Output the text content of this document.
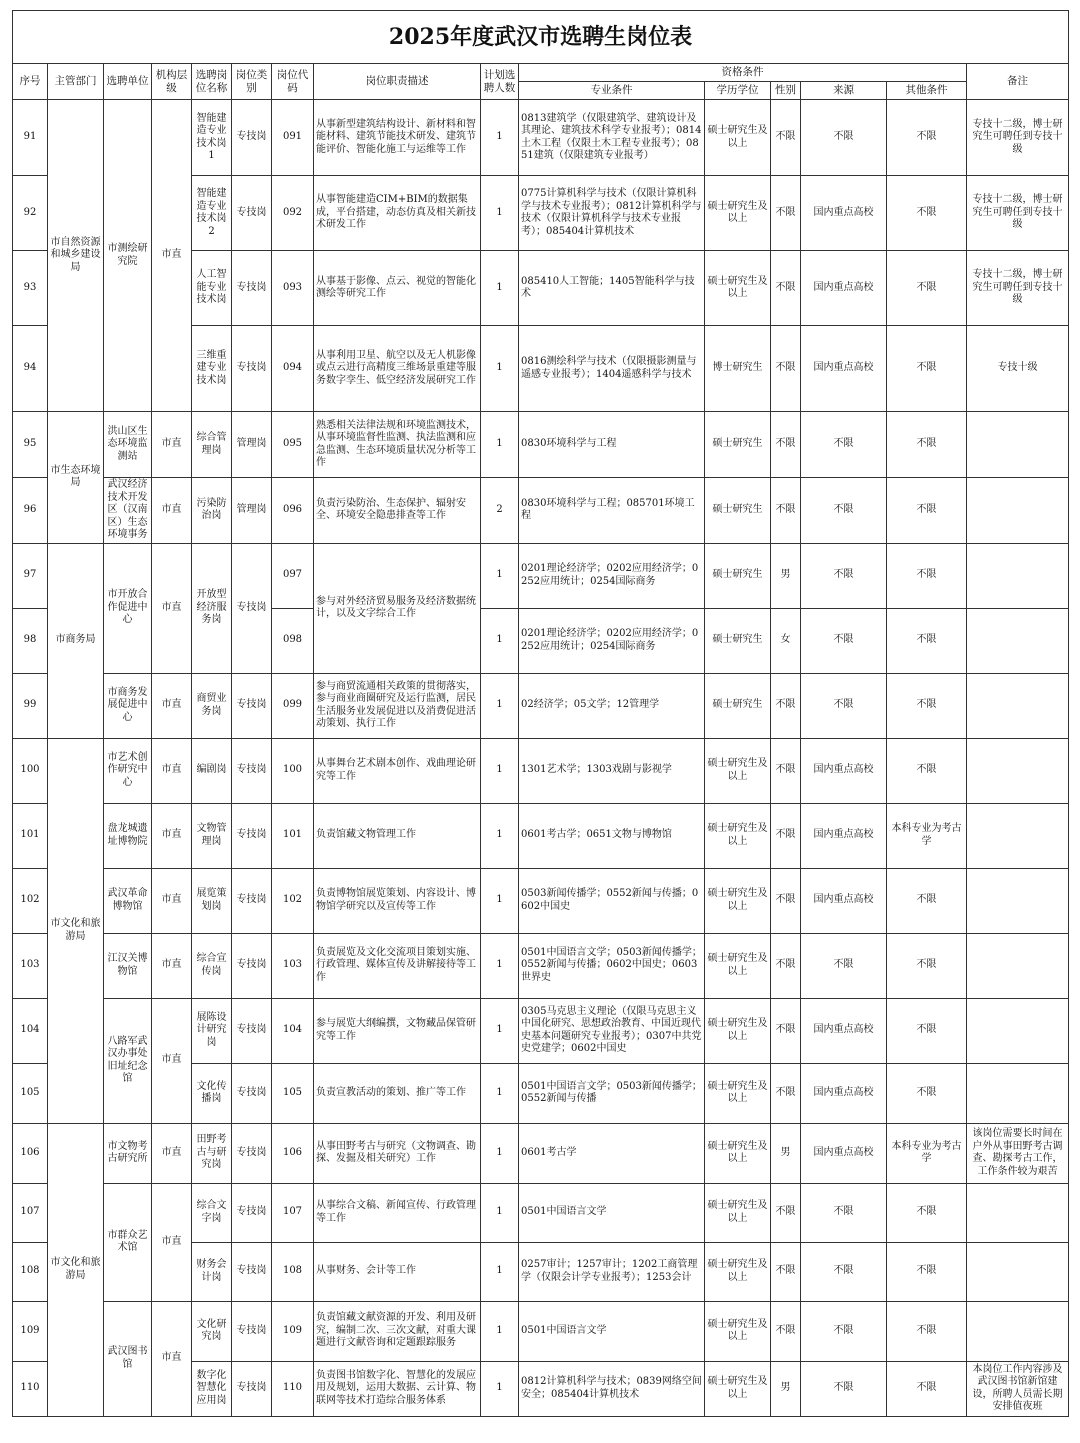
2025年度武汉市选聘生岗位表														
序号	主管部门	选聘单位	机构层级	选聘岗位名称	岗位类别	岗位代码	岗位职责描述	计划选聘人数	资格条件					备注
									专业条件	学历学位	性别	来源	其他条件	
91	市自然资源和城乡建设局	市测绘研究院	市直	智能建造专业技术岗1	专技岗	091	从事新型建筑结构设计、新材料和智能材料、建筑节能技术研发、建筑节能评价、智能化施工与运维等工作	1	0813建筑学（仅限建筑学、建筑设计及其理论、建筑技术科学专业报考）；0814土木工程（仅限土木工程专业报考）；0851建筑（仅限建筑专业报考）	硕士研究生及以上	不限	不限	不限	专技十二级，博士研究生可聘任到专技十级
92				智能建造专业技术岗2	专技岗	092	从事智能建造CIM+BIM的数据集成，平台搭建，动态仿真及相关新技术研发工作	1	0775计算机科学与技术（仅限计算机科学与技术专业报考）；0812计算机科学与技术（仅限计算机科学与技术专业报考）；085404计算机技术	硕士研究生及以上	不限	国内重点高校	不限	专技十二级，博士研究生可聘任到专技十级
93				人工智能专业技术岗	专技岗	093	从事基于影像、点云、视觉的智能化测绘等研究工作	1	085410人工智能；1405智能科学与技术	硕士研究生及以上	不限	国内重点高校	不限	专技十二级，博士研究生可聘任到专技十级
94				三维重建专业技术岗	专技岗	094	从事利用卫星、航空以及无人机影像或点云进行高精度三维场景重建等服务数字孪生、低空经济发展研究工作	1	0816测绘科学与技术（仅限摄影测量与遥感专业报考）；1404遥感科学与技术	博士研究生	不限	国内重点高校	不限	专技十级
95	市生态环境局	洪山区生态环境监测站	市直	综合管理岗	管理岗	095	熟悉相关法律法规和环境监测技术，从事环境监督性监测、执法监测和应急监测、生态环境质量状况分析等工作	1	0830环境科学与工程	硕士研究生	不限	不限	不限	
96		武汉经济技术开发区（汉南区）生态环境事务	市直	污染防治岗	管理岗	096	负责污染防治、生态保护、辐射安全、环境安全隐患排查等工作	2	0830环境科学与工程；085701环境工程	硕士研究生	不限	不限	不限	
97	市商务局	市开放合作促进中心	市直	开放型经济服务岗	专技岗	097	参与对外经济贸易服务及经济数据统计，以及文字综合工作	1	0201理论经济学；0202应用经济学；0252应用统计；0254国际商务	硕士研究生	男	不限	不限	
98						098		1	0201理论经济学；0202应用经济学；0252应用统计；0254国际商务	硕士研究生	女	不限	不限	
99		市商务发展促进中心	市直	商贸业务岗	专技岗	099	参与商贸流通相关政策的贯彻落实，参与商业商圈研究及运行监测，居民生活服务业发展促进以及消费促进活动策划、执行工作	1	02经济学；05文学；12管理学	硕士研究生	不限	不限	不限	
100	市文化和旅游局	市艺术创作研究中心	市直	编剧岗	专技岗	100	从事舞台艺术剧本创作、戏曲理论研究等工作	1	1301艺术学；1303戏剧与影视学	硕士研究生及以上	不限	国内重点高校	不限	
101		盘龙城遗址博物院	市直	文物管理岗	专技岗	101	负责馆藏文物管理工作	1	0601考古学；0651文物与博物馆	硕士研究生及以上	不限	国内重点高校	本科专业为考古学	
102		武汉革命博物馆	市直	展览策划岗	专技岗	102	负责博物馆展览策划、内容设计、博物馆学研究以及宣传等工作	1	0503新闻传播学；0552新闻与传播；0602中国史	硕士研究生及以上	不限	国内重点高校	不限	
103		江汉关博物馆	市直	综合宣传岗	专技岗	103	负责展览及文化交流项目策划实施、行政管理、媒体宣传及讲解接待等工作	1	0501中国语言文学；0503新闻传播学；0552新闻与传播；0602中国史；0603世界史	硕士研究生及以上	不限	不限	不限	
104		八路军武汉办事处旧址纪念馆	市直	展陈设计研究岗	专技岗	104	参与展览大纲编撰，文物藏品保管研究等工作	1	0305马克思主义理论（仅限马克思主义中国化研究、思想政治教育、中国近现代史基本问题研究专业报考）；0307中共党史党建学；0602中国史	硕士研究生及以上	不限	国内重点高校	不限	
105				文化传播岗	专技岗	105	负责宣教活动的策划、推广等工作	1	0501中国语言文学；0503新闻传播学；0552新闻与传播	硕士研究生及以上	不限	国内重点高校	不限	
106	市文化和旅游局	市文物考古研究所	市直	田野考古与研究岗	专技岗	106	从事田野考古与研究（文物调查、勘探、发掘及相关研究）工作	1	0601考古学	硕士研究生及以上	男	国内重点高校	本科专业为考古学	该岗位需要长时间在户外从事田野考古调查、勘探考古工作，工作条件较为艰苦
107		市群众艺术馆	市直	综合文字岗	专技岗	107	从事综合文稿、新闻宣传、行政管理等工作	1	0501中国语言文学	硕士研究生及以上	不限	不限	不限	
108				财务会计岗	专技岗	108	从事财务、会计等工作	1	0257审计；1257审计；1202工商管理学（仅限会计学专业报考）；1253会计	硕士研究生及以上	不限	不限	不限	
109		武汉图书馆	市直	文化研究岗	专技岗	109	负责馆藏文献资源的开发、利用及研究，编制二次、三次文献，对重大课题进行文献咨询和定题跟踪服务	1	0501中国语言文学	硕士研究生及以上	不限	不限	不限	
110				数字化智慧化应用岗	专技岗	110	负责图书馆数字化、智慧化的发展应用及规划，运用大数据、云计算、物联网等技术打造综合服务体系	1	0812计算机科学与技术；0839网络空间安全；085404计算机技术	硕士研究生及以上	男	不限	不限	本岗位工作内容涉及武汉图书馆新馆建设，所聘人员需长期安排值夜班
